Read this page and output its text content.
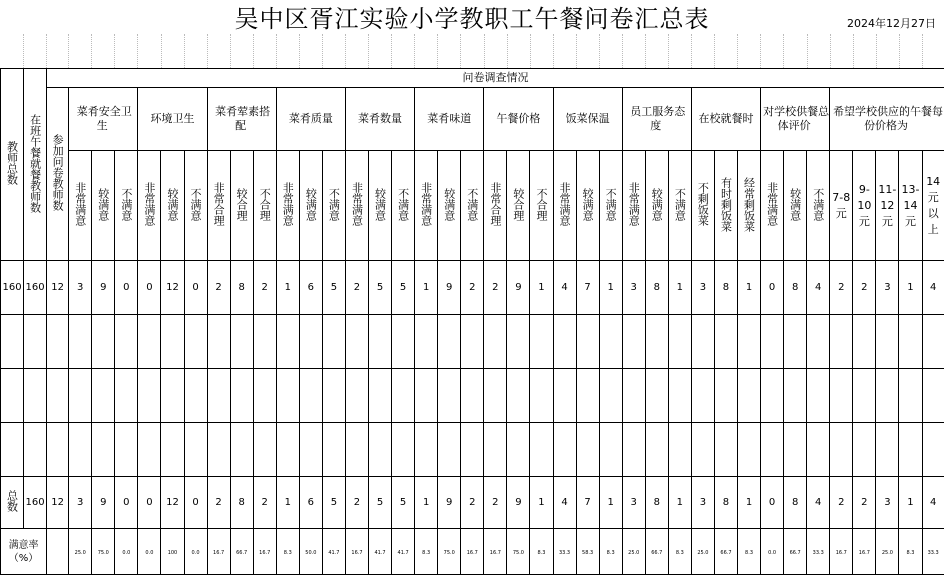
吴中区胥江实验小学教职工午餐问卷汇总表	2024年12月27日
教师总数	在班午餐就餐教师数	问卷调查情况																																						
		参加问卷教师数	菜肴安全卫生			环境卫生			菜肴荤素搭配			菜肴质量			菜肴数量			菜肴味道			午餐价格			饭菜保温			员工服务态度			在校就餐时			对学校供餐总体评价			希望学校供应的午餐每份价格为				
			非常满意	较满意	不满意	非常满意	较满意	不满意	非常合理	较合理	不合理	非常满意	较满意	不满意	非常满意	较满意	不满意	非常满意	较满意	不满意	非常合理	较合理	不合理	非常满意	较满意	不满意	非常满意	较满意	不满意	不剩饭菜	有时剩饭菜	经常剩饭菜	非常满意	较满意	不满意	7-8元	9-10元	11-12元	13-14元	14元以上
160	160	12	3	9	0	0	12	0	2	8	2	1	6	5	2	5	5	1	9	2	2	9	1	4	7	1	3	8	1	3	8	1	0	8	4	2	2	3	1	4

总数	160	12	3	9	0	0	12	0	2	8	2	1	6	5	2	5	5	1	9	2	2	9	1	4	7	1	3	8	1	3	8	1	0	8	4	2	2	3	1	4
满意率（%）			25.0	75.0	0.0	0.0	100	0.0	16.7	66.7	16.7	8.3	50.0	41.7	16.7	41.7	41.7	8.3	75.0	16.7	16.7	75.0	8.3	33.3	58.3	8.3	25.0	66.7	8.3	25.0	66.7	8.3	0.0	66.7	33.3	16.7	16.7	25.0	8.3	33.3
